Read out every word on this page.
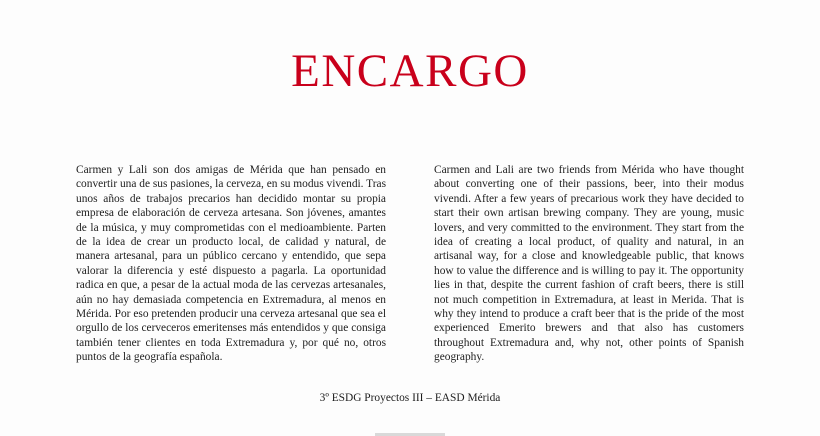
ENCARGO
Carmen y Lali son dos amigas de Mérida que han pensado en convertir una de sus pasiones, la cerveza, en su modus vivendi. Tras unos años de trabajos precarios han decidido montar su propia empresa de elaboración de cerveza artesana. Son jóvenes, amantes de la música, y muy comprometidas con el medioambiente. Parten de la idea de crear un producto local, de calidad y natural, de manera artesanal, para un público cercano y entendido, que sepa valorar la diferencia y esté dispuesto a pagarla. La oportunidad radica en que, a pesar de la actual moda de las cervezas artesanales, aún no hay demasiada competencia en Extremadura, al menos en Mérida. Por eso pretenden producir una cerveza artesanal que sea el orgullo de los cerveceros emeritenses más entendidos y que consiga también tener clientes en toda Extremadura y, por qué no, otros puntos de la geografía española.
Carmen and Lali are two friends from Mérida who have thought about converting one of their passions, beer, into their modus vivendi. After a few years of precarious work they have decided to start their own artisan brewing company. They are young, music lovers, and very committed to the environment. They start from the idea of creating a local product, of quality and natural, in an artisanal way, for a close and knowledgeable public, that knows how to value the difference and is willing to pay it. The opportunity lies in that, despite the current fashion of craft beers, there is still not much competition in Extremadura, at least in Merida. That is why they intend to produce a craft beer that is the pride of the most experienced Emerito brewers and that also has customers throughout Extremadura and, why not, other points of Spanish geography.
3º ESDG Proyectos III – EASD Mérida
